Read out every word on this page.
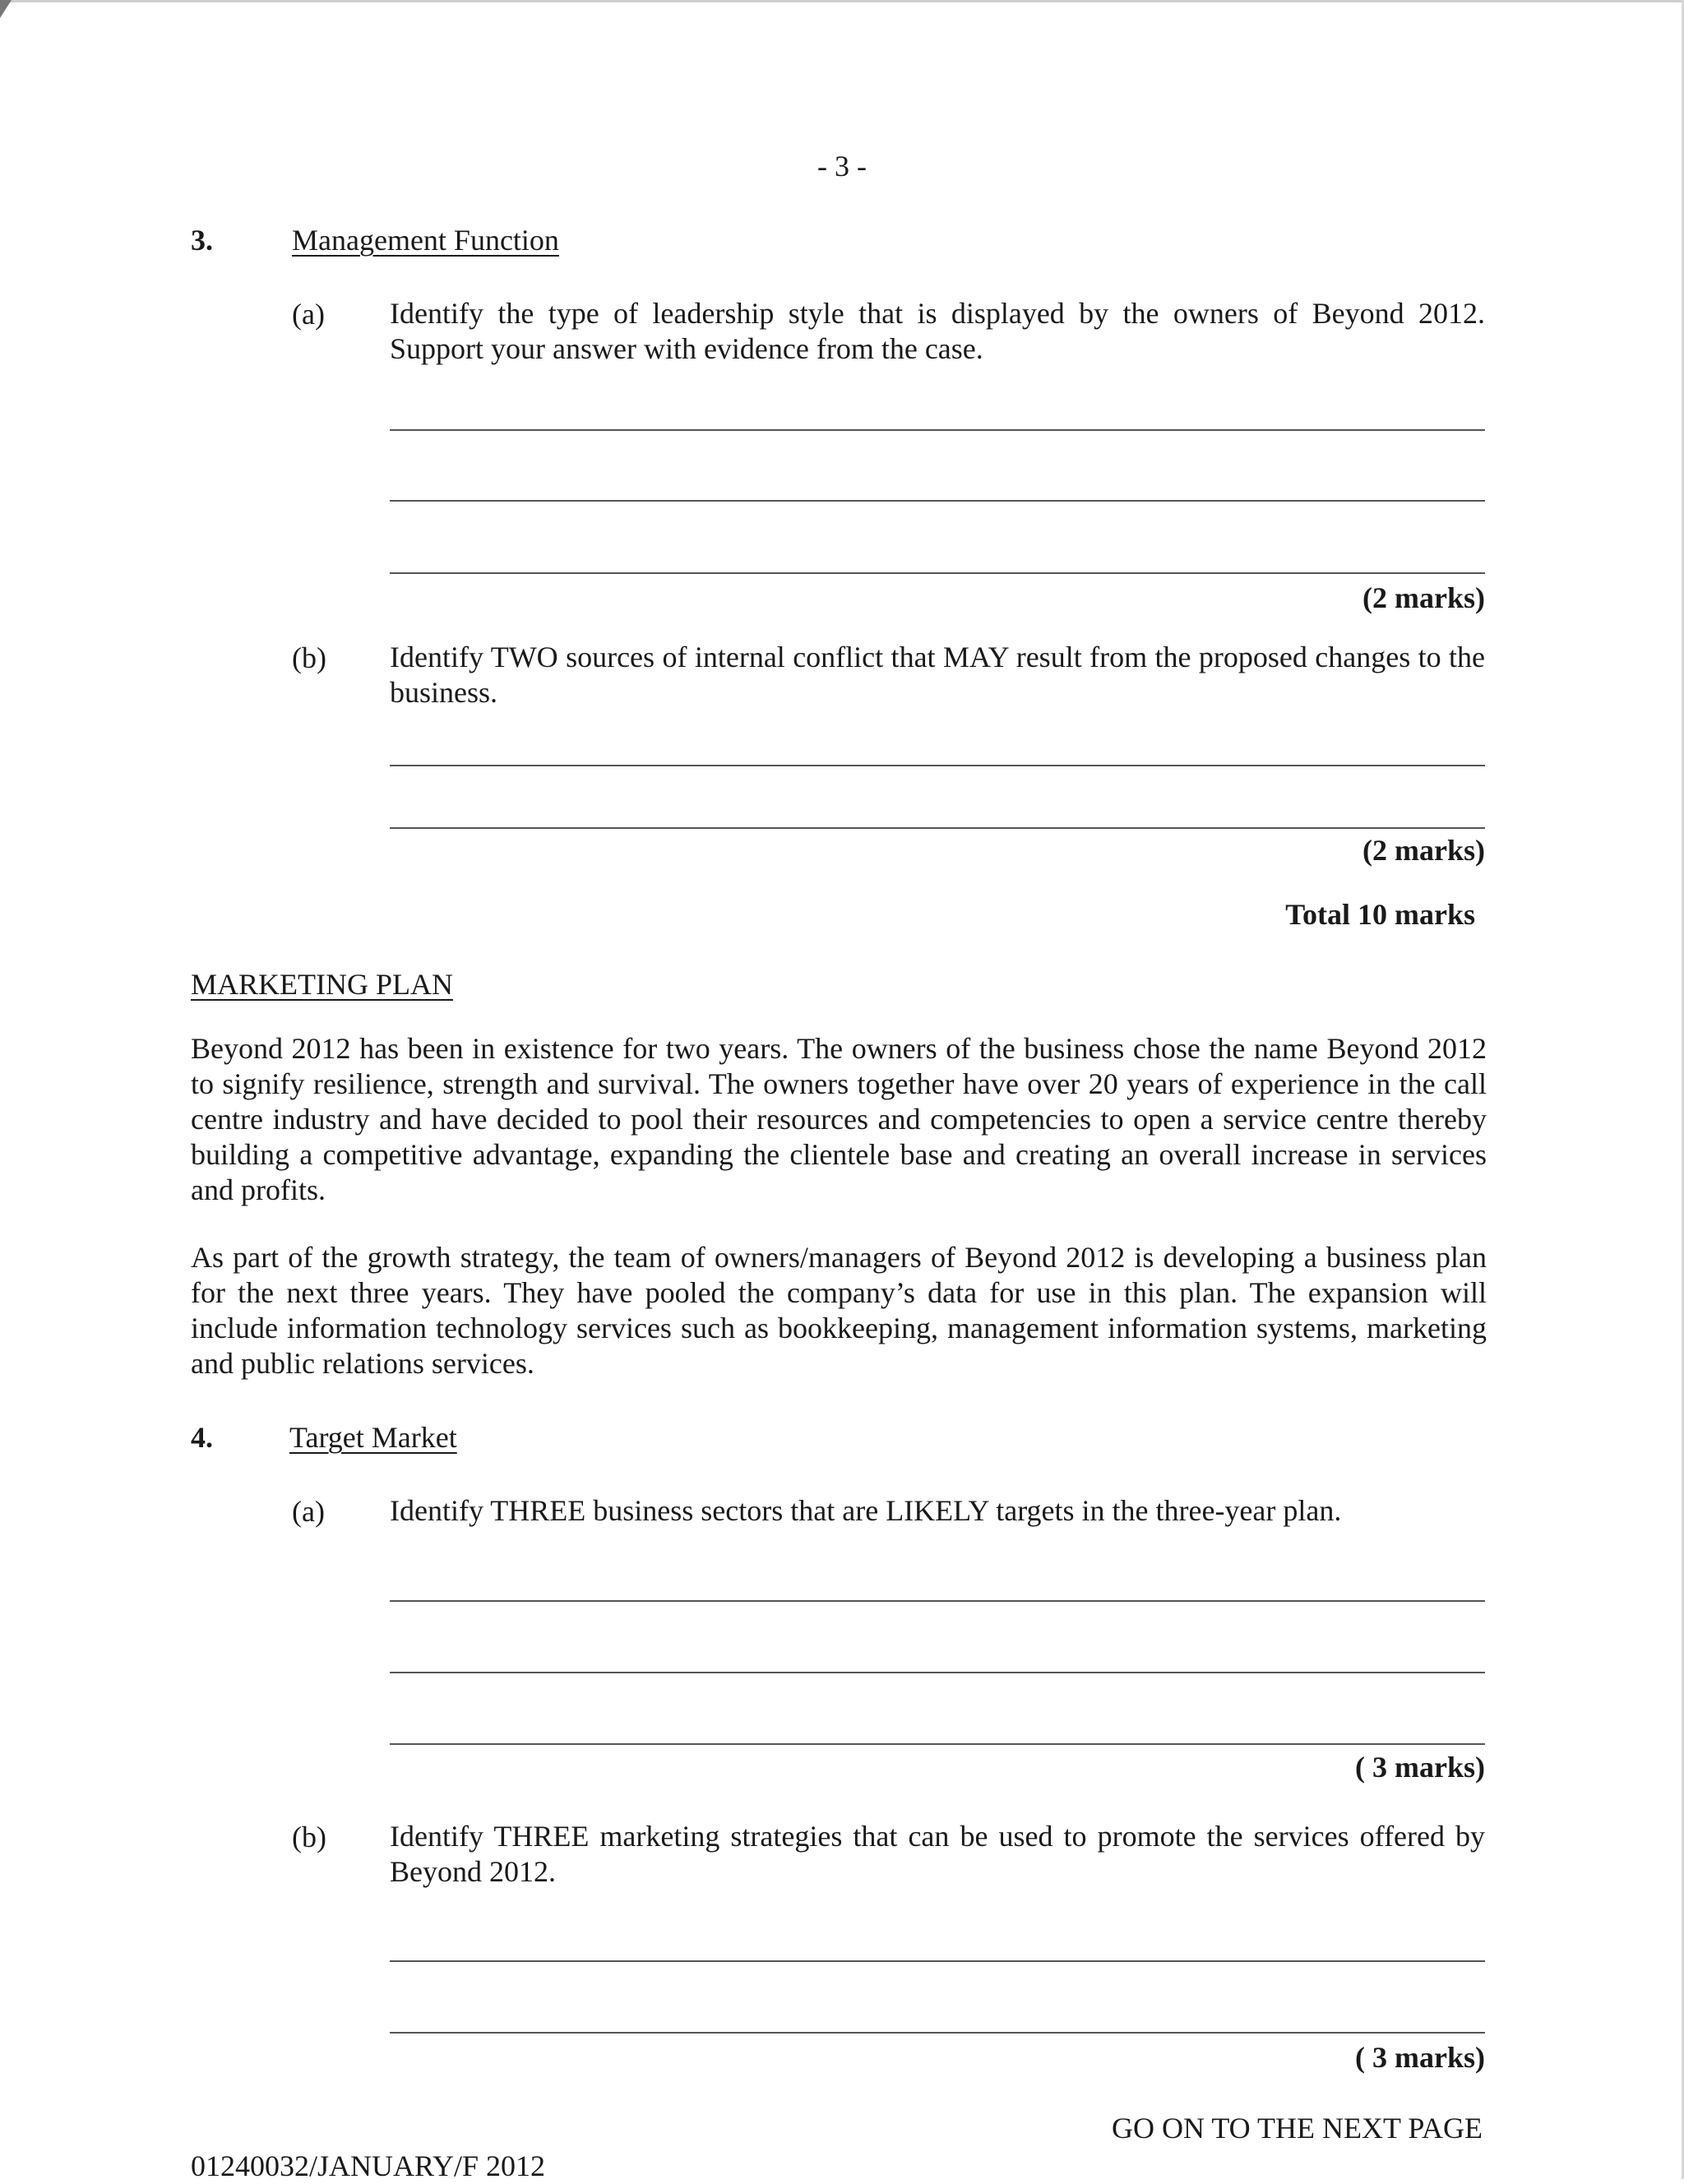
- 3 -
3.	Management Function
(a) Identify the type of leadership style that is displayed by the owners of Beyond 2012. Support your answer with evidence from the case.
(2 marks)
(b) Identify TWO sources of internal conflict that MAY result from the proposed changes to the business.
(2 marks)
Total 10 marks
MARKETING PLAN
Beyond 2012 has been in existence for two years. The owners of the business chose the name Beyond 2012 to signify resilience, strength and survival. The owners together have over 20 years of experience in the call centre industry and have decided to pool their resources and competencies to open a service centre thereby building a competitive advantage, expanding the clientele base and creating an overall increase in services and profits.
As part of the growth strategy, the team of owners/managers of Beyond 2012 is developing a business plan for the next three years. They have pooled the company’s data for use in this plan. The expansion will include information technology services such as bookkeeping, management information systems, marketing and public relations services.
4.	Target Market
(a) Identify THREE business sectors that are LIKELY targets in the three-year plan.
( 3 marks)
(b) Identify THREE marketing strategies that can be used to promote the services offered by Beyond 2012.
( 3 marks)
GO ON TO THE NEXT PAGE
01240032/JANUARY/F 2012
